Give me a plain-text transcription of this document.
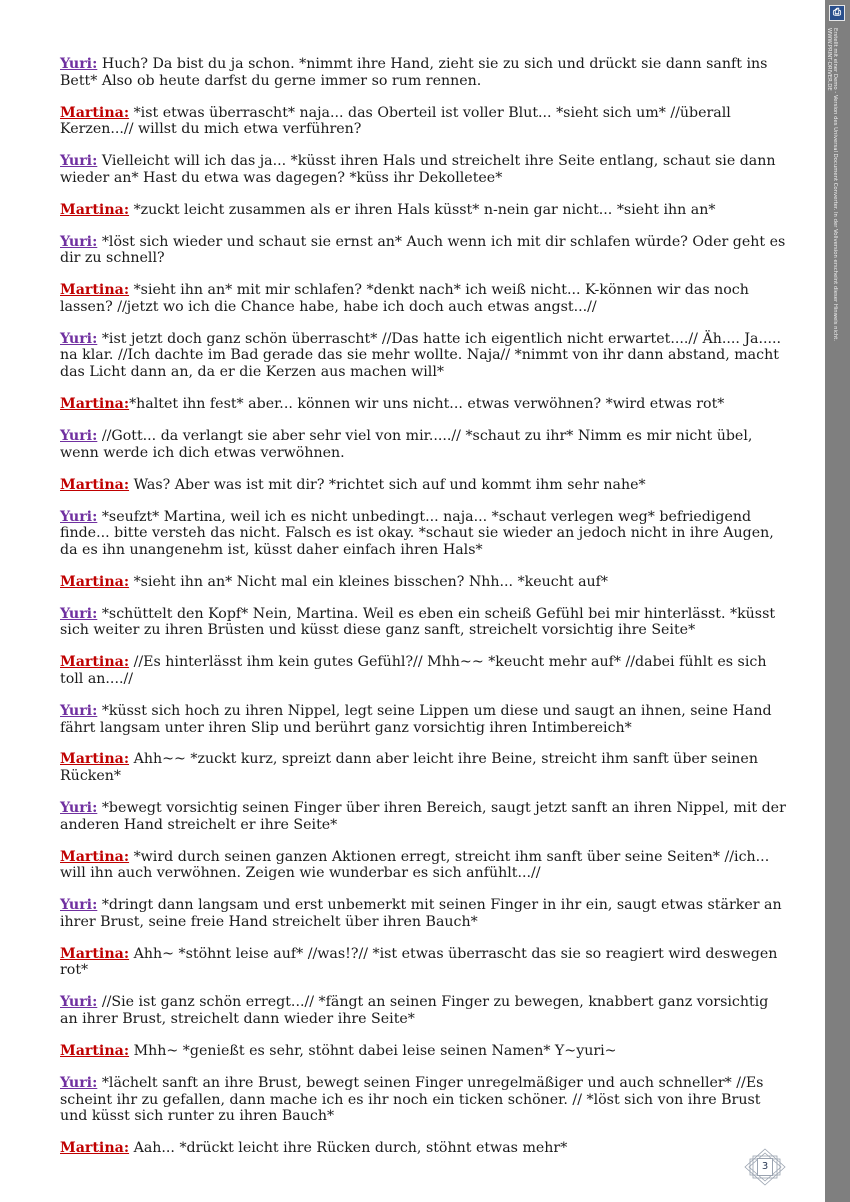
Yuri: Huch? Da bist du ja schon. *nimmt ihre Hand, zieht sie zu sich und drückt sie dann sanft ins Bett* Also ob heute darfst du gerne immer so rum rennen.
Martina: *ist etwas überrascht* naja... das Oberteil ist voller Blut... *sieht sich um* //überall Kerzen...// willst du mich etwa verführen?
Yuri: Vielleicht will ich das ja... *küsst ihren Hals und streichelt ihre Seite entlang, schaut sie dann wieder an* Hast du etwa was dagegen? *küss ihr Dekolletee*
Martina: *zuckt leicht zusammen als er ihren Hals küsst* n-nein gar nicht... *sieht ihn an*
Yuri: *löst sich wieder und schaut sie ernst an* Auch wenn ich mit dir schlafen würde? Oder geht es dir zu schnell?
Martina: *sieht ihn an* mit mir schlafen? *denkt nach* ich weiß nicht... K-können wir das noch lassen? //jetzt wo ich die Chance habe, habe ich doch auch etwas angst...//
Yuri: *ist jetzt doch ganz schön überrascht* //Das hatte ich eigentlich nicht erwartet....// Äh.... Ja..... na klar. //Ich dachte im Bad gerade das sie mehr wollte. Naja// *nimmt von ihr dann abstand, macht das Licht dann an, da er die Kerzen aus machen will*
Martina:*haltet ihn fest* aber... können wir uns nicht... etwas verwöhnen? *wird etwas rot*
Yuri: //Gott... da verlangt sie aber sehr viel von mir.....// *schaut zu ihr* Nimm es mir nicht übel, wenn werde ich dich etwas verwöhnen.
Martina: Was? Aber was ist mit dir? *richtet sich auf und kommt ihm sehr nahe*
Yuri: *seufzt* Martina, weil ich es nicht unbedingt... naja... *schaut verlegen weg* befriedigend finde... bitte versteh das nicht. Falsch es ist okay. *schaut sie wieder an jedoch nicht in ihre Augen, da es ihn unangenehm ist, küsst daher einfach ihren Hals*
Martina: *sieht ihn an* Nicht mal ein kleines bisschen? Nhh... *keucht auf*
Yuri: *schüttelt den Kopf* Nein, Martina. Weil es eben ein scheiß Gefühl bei mir hinterlässt. *küsst sich weiter zu ihren Brüsten und küsst diese ganz sanft, streichelt vorsichtig ihre Seite*
Martina: //Es hinterlässt ihm kein gutes Gefühl?// Mhh~~ *keucht mehr auf* //dabei fühlt es sich toll an....//
Yuri: *küsst sich hoch zu ihren Nippel, legt seine Lippen um diese und saugt an ihnen, seine Hand fährt langsam unter ihren Slip und berührt ganz vorsichtig ihren Intimbereich*
Martina: Ahh~~ *zuckt kurz, spreizt dann aber leicht ihre Beine, streicht ihm sanft über seinen Rücken*
Yuri: *bewegt vorsichtig seinen Finger über ihren Bereich, saugt jetzt sanft an ihren Nippel, mit der anderen Hand streichelt er ihre Seite*
Martina: *wird durch seinen ganzen Aktionen erregt, streicht ihm sanft über seine Seiten* //ich... will ihn auch verwöhnen. Zeigen wie wunderbar es sich anfühlt...//
Yuri: *dringt dann langsam und erst unbemerkt mit seinen Finger in ihr ein, saugt etwas stärker an ihrer Brust, seine freie Hand streichelt über ihren Bauch*
Martina: Ahh~ *stöhnt leise auf* //was!?// *ist etwas überrascht das sie so reagiert wird deswegen rot*
Yuri: //Sie ist ganz schön erregt...// *fängt an seinen Finger zu bewegen, knabbert ganz vorsichtig an ihrer Brust, streichelt dann wieder ihre Seite*
Martina: Mhh~ *genießt es sehr, stöhnt dabei leise seinen Namen* Y~yuri~
Yuri: *lächelt sanft an ihre Brust, bewegt seinen Finger unregelmäßiger und auch schneller* //Es scheint ihr zu gefallen, dann mache ich es ihr noch ein ticken schöner. // *löst sich von ihre Brust und küsst sich runter zu ihren Bauch*
Martina: Aah... *drückt leicht ihre Rücken durch, stöhnt etwas mehr*
⎙
Erstellt mit einer Demo - Version des Universal Document Converter. In der Vollversion erscheint dieser Hinweis nicht.
WWW.PRINT-DRIVER.DE
3
